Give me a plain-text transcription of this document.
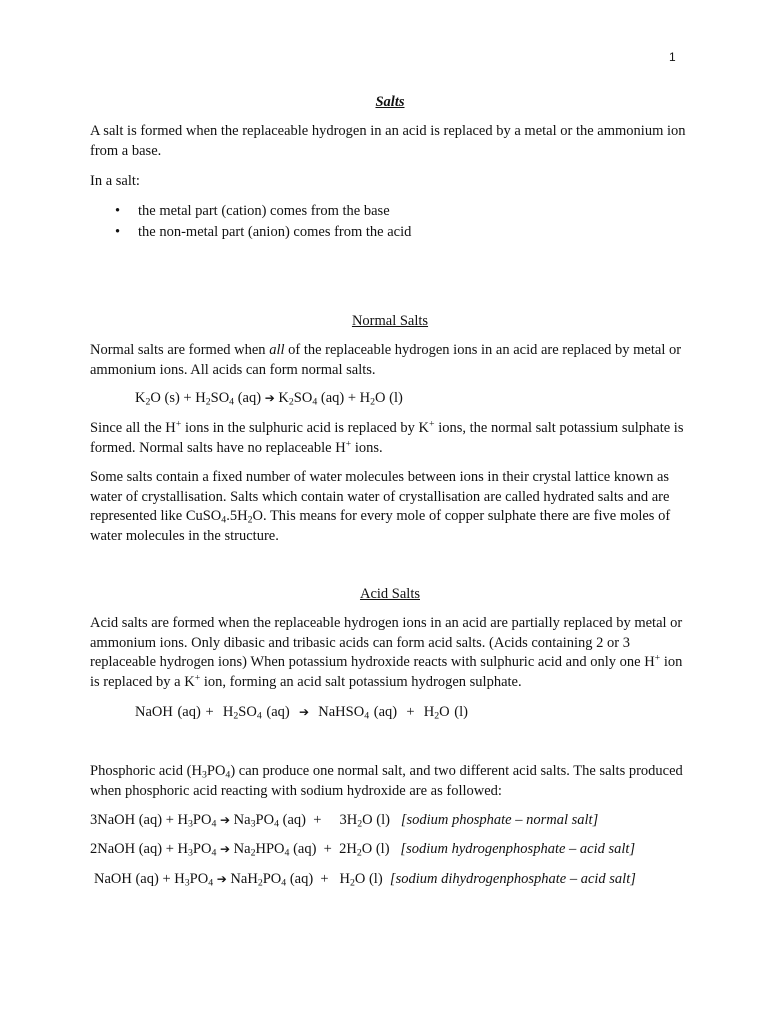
1
Salts
A salt is formed when the replaceable hydrogen in an acid is replaced by a metal or the ammonium ion from a base.
In a salt:
• the metal part (cation) comes from the base
• the non-metal part (anion) comes from the acid
Normal Salts
Normal salts are formed when all of the replaceable hydrogen ions in an acid are replaced by metal or ammonium ions. All acids can form normal salts.
$K_2O$ $(s) + H_2SO_4$ (aq) ➔ $K_2SO_4$ $(aq) + H_2O$ (l)
Since all the H+ ions in the sulphuric acid is replaced by K+ ions, the normal salt potassium sulphate is formed. Normal salts have no replaceable H+ ions.
Some salts contain a fixed number of water molecules between ions in their crystal lattice known as water of crystallisation. Salts which contain water of crystallisation are called hydrated salts and are represented like $CuSO_4.5H_2O$. This means for every mole of copper sulphate there are five moles of water molecules in the structure.
Acid Salts
Acid salts are formed when the replaceable hydrogen ions in an acid are partially replaced by metal or ammonium ions. Only dibasic and tribasic acids can form acid salts. (Acids containing 2 or 3 replaceable hydrogen ions) When potassium hydroxide reacts with sulphuric acid and only one H+ ion is replaced by a K+ ion, forming an acid salt potassium hydrogen sulphate.
NaOH $(aq) + H_2SO_4$ (aq)  ➔  NaHSO$_4$ $(aq) + H_2O$ (l)
Phosphoric acid $(H_3PO_4)$ can produce one normal salt, and two different acid salts. The salts produced when phosphoric acid reacting with sodium hydroxide are as followed:
3NaOH $(aq) + H_3PO_4$ ➔ $Na_3PO_4$ (aq)  +     $3H_2O$ (l)   [sodium phosphate – normal salt]
2NaOH $(aq) + H_3PO_4$ ➔ $Na_2HPO_4$ $(aq) + 2H_2O$ (l)   [sodium hydrogenphosphate – acid salt]
NaOH $(aq) + H_3PO_4$ ➔ $NaH_2PO_4$ $(aq) + H_2O$ (l)  [sodium dihydrogenphosphate – acid salt]
